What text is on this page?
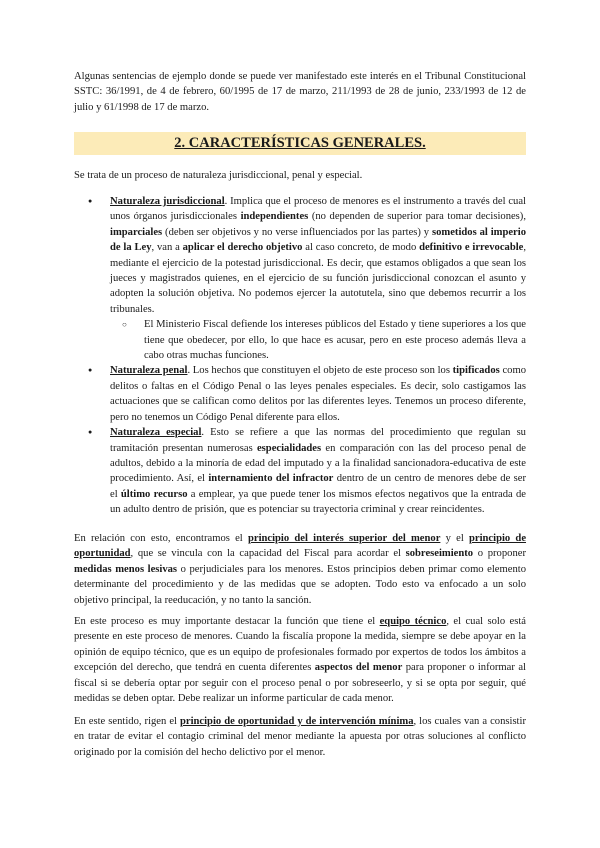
Algunas sentencias de ejemplo donde se puede ver manifestado este interés en el Tribunal Constitucional SSTC: 36/1991, de 4 de febrero, 60/1995 de 17 de marzo, 211/1993 de 28 de junio, 233/1993 de 12 de julio y 61/1998 de 17 de marzo.

2. CARACTERÍSTICAS GENERALES.

Se trata de un proceso de naturaleza jurisdiccional, penal y especial.

● Naturaleza jurisdiccional. Implica que el proceso de menores es el instrumento a través del cual unos órganos jurisdiccionales independientes (no dependen de superior para tomar decisiones), imparciales (deben ser objetivos y no verse influenciados por las partes) y sometidos al imperio de la Ley, van a aplicar el derecho objetivo al caso concreto, de modo definitivo e irrevocable, mediante el ejercicio de la potestad jurisdiccional. Es decir, que estamos obligados a que sean los jueces y magistrados quienes, en el ejercicio de su función jurisdiccional conozcan el asunto y adopten la solución objetiva. No podemos ejercer la autotutela, sino que debemos recurrir a los tribunales.
○ El Ministerio Fiscal defiende los intereses públicos del Estado y tiene superiores a los que tiene que obedecer, por ello, lo que hace es acusar, pero en este proceso además lleva a cabo otras muchas funciones.
● Naturaleza penal. Los hechos que constituyen el objeto de este proceso son los tipificados como delitos o faltas en el Código Penal o las leyes penales especiales. Es decir, solo castigamos las actuaciones que se califican como delitos por las diferentes leyes. Tenemos un proceso diferente, pero no tenemos un Código Penal diferente para ellos.
● Naturaleza especial. Esto se refiere a que las normas del procedimiento que regulan su tramitación presentan numerosas especialidades en comparación con las del proceso penal de adultos, debido a la minoría de edad del imputado y a la finalidad sancionadora-educativa de este procedimiento. Así, el internamiento del infractor dentro de un centro de menores debe de ser el último recurso a emplear, ya que puede tener los mismos efectos negativos que la entrada de un adulto dentro de prisión, que es potenciar su trayectoria criminal y crear reincidentes.

En relación con esto, encontramos el principio del interés superior del menor y el principio de oportunidad, que se vincula con la capacidad del Fiscal para acordar el sobreseimiento o proponer medidas menos lesivas o perjudiciales para los menores. Estos principios deben primar como elemento determinante del procedimiento y de las medidas que se adopten. Todo esto va enfocado a un solo objetivo principal, la reeducación, y no tanto la sanción.

En este proceso es muy importante destacar la función que tiene el equipo técnico, el cual solo está presente en este proceso de menores. Cuando la fiscalía propone la medida, siempre se debe apoyar en la opinión de equipo técnico, que es un equipo de profesionales formado por expertos de todos los ámbitos a excepción del derecho, que tendrá en cuenta diferentes aspectos del menor para proponer o informar al fiscal si se debería optar por seguir con el proceso penal o por sobreseerlo, y si se opta por seguir, qué medidas se deben optar. Debe realizar un informe particular de cada menor.

En este sentido, rigen el principio de oportunidad y de intervención mínima, los cuales van a consistir en tratar de evitar el contagio criminal del menor mediante la apuesta por otras soluciones al conflicto originado por la comisión del hecho delictivo por el menor.
